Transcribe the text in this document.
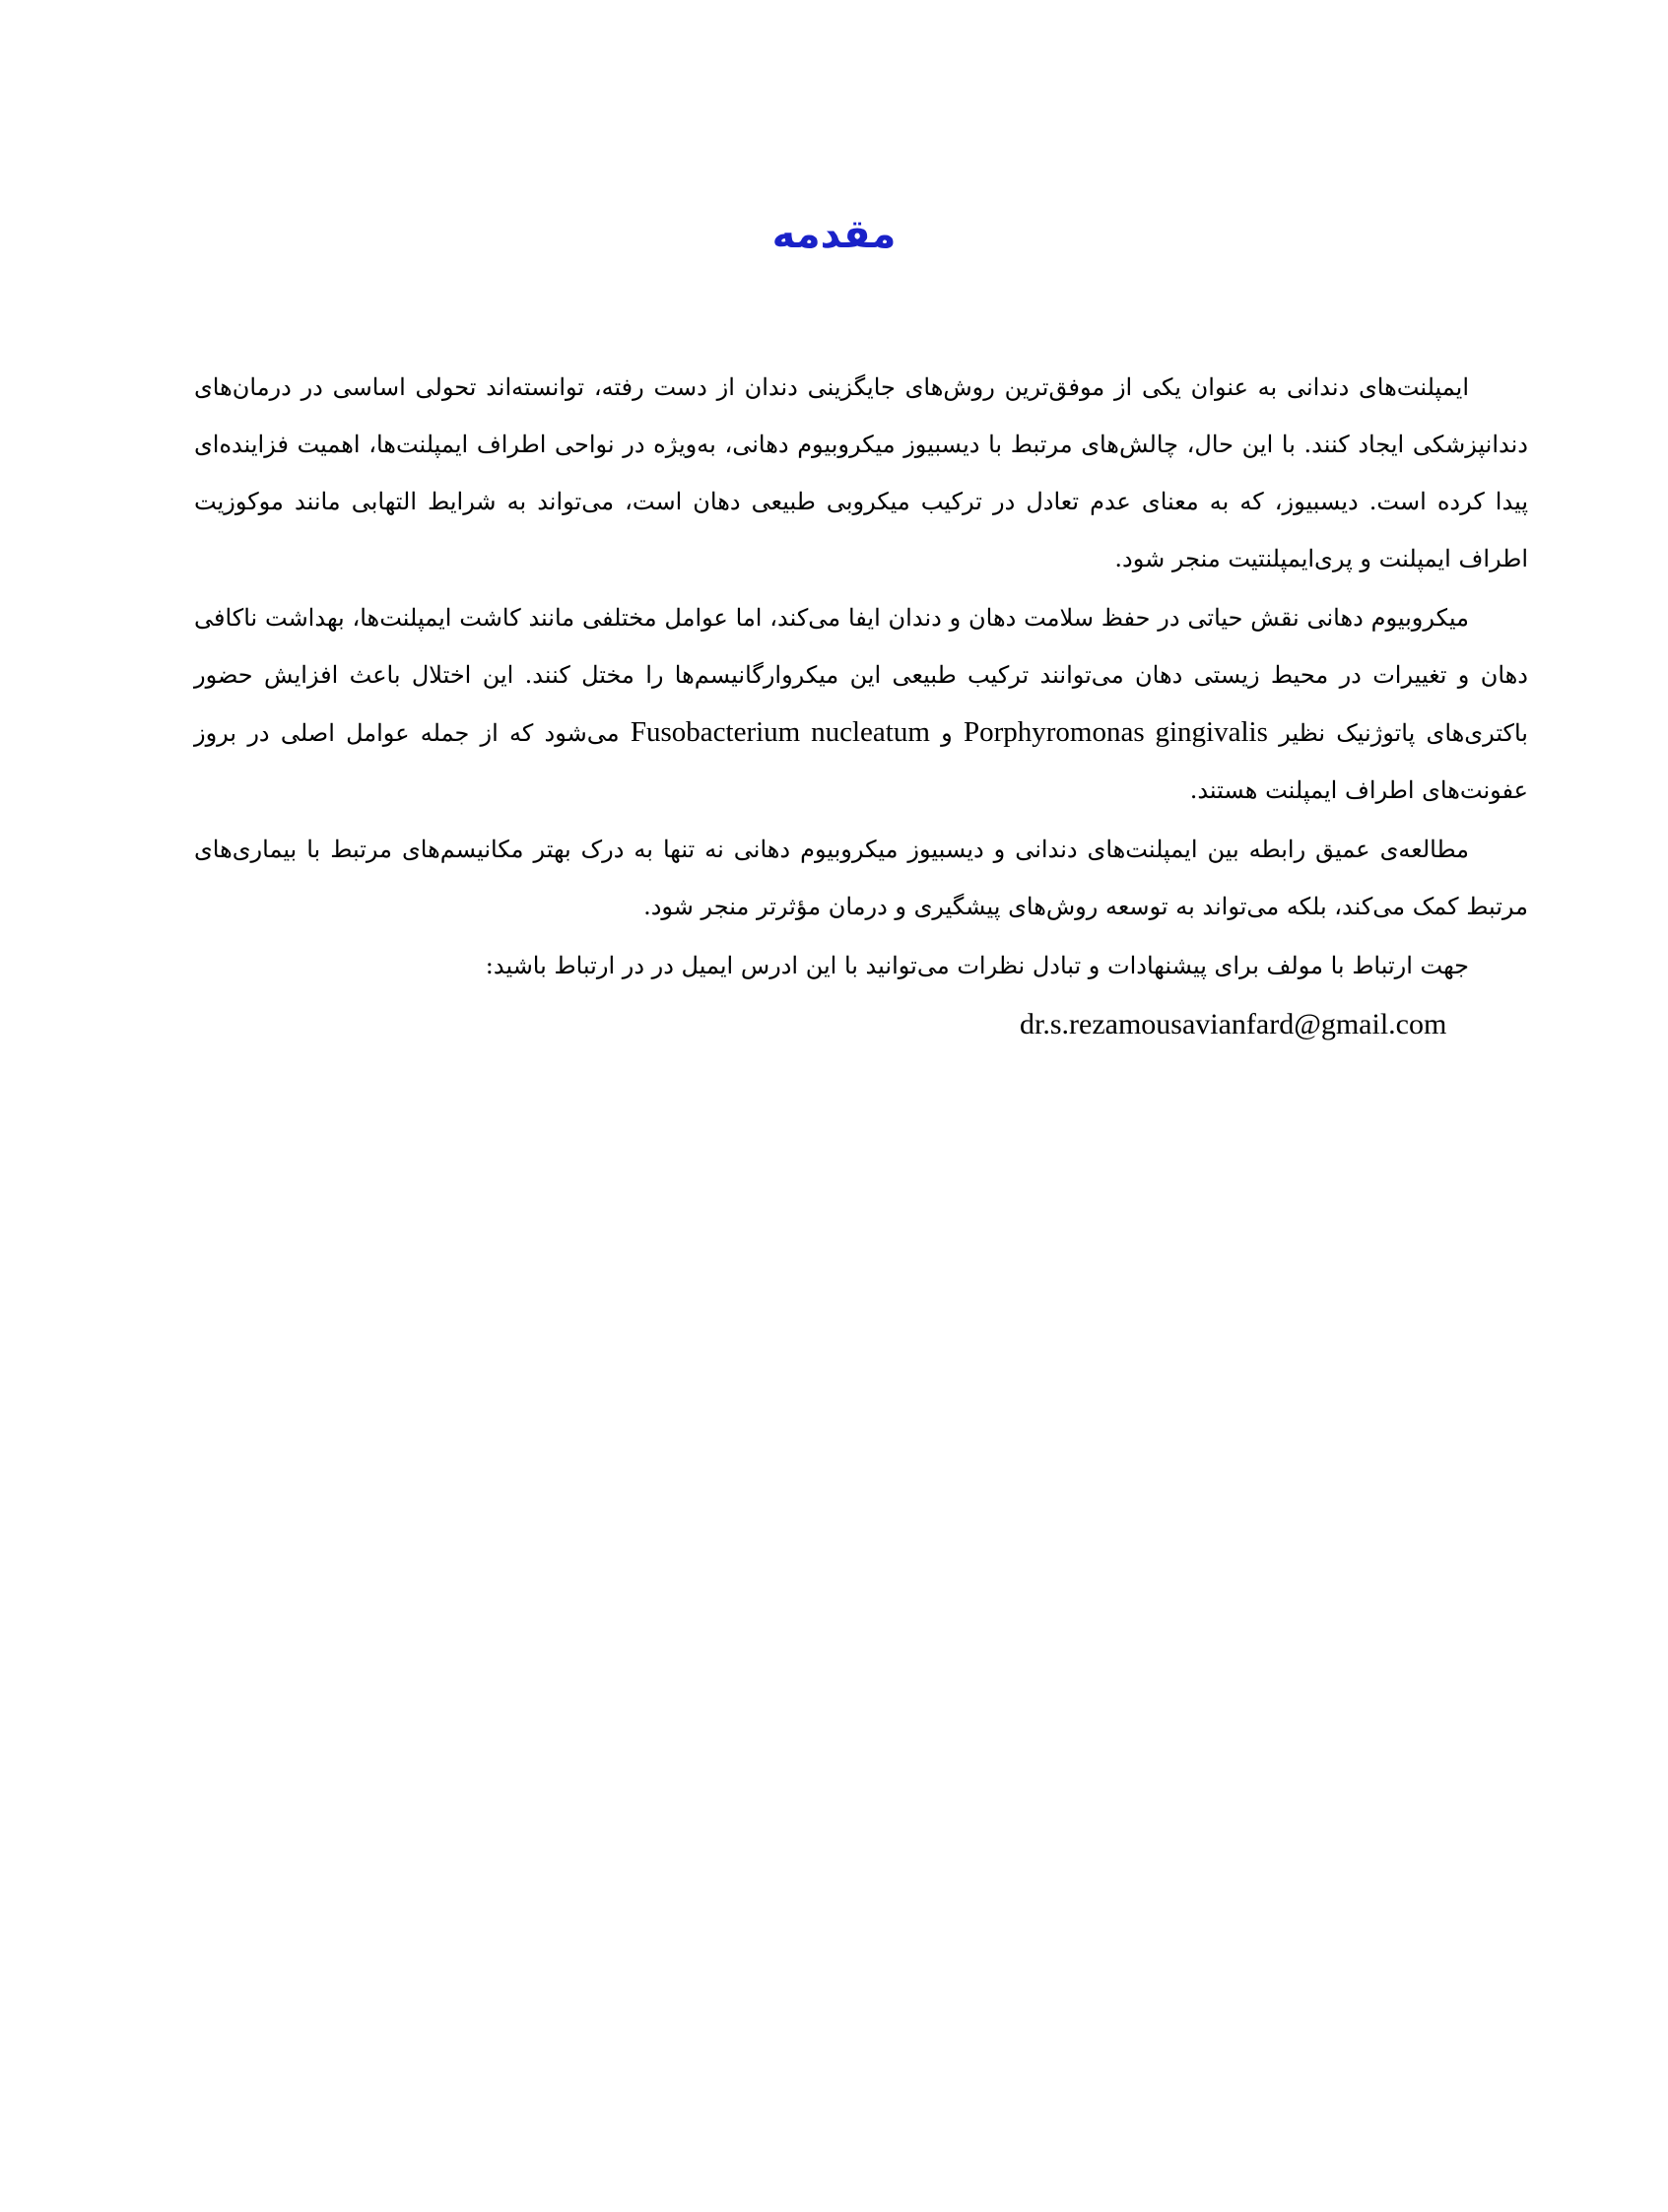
مقدمه

ایمپلنت‌های دندانی به عنوان یکی از موفق‌ترین روش‌های جایگزینی دندان از دست رفته، توانسته‌اند تحولی اساسی در درمان‌های دندانپزشکی ایجاد کنند. با این حال، چالش‌های مرتبط با دیسبیوز میکروبیوم دهانی، به‌ویژه در نواحی اطراف ایمپلنت‌ها، اهمیت فزاینده‌ای پیدا کرده است. دیسبیوز، که به معنای عدم تعادل در ترکیب میکروبی طبیعی دهان است، می‌تواند به شرایط التهابی مانند موکوزیت اطراف ایمپلنت و پری‌ایمپلنتیت منجر شود.

میکروبیوم دهانی نقش حیاتی در حفظ سلامت دهان و دندان ایفا می‌کند، اما عوامل مختلفی مانند کاشت ایمپلنت‌ها، بهداشت ناکافی دهان و تغییرات در محیط زیستی دهان می‌توانند ترکیب طبیعی این میکروارگانیسم‌ها را مختل کنند. این اختلال باعث افزایش حضور باکتری‌های پاتوژنیک نظیر Porphyromonas gingivalis و Fusobacterium nucleatum می‌شود که از جمله عوامل اصلی در بروز عفونت‌های اطراف ایمپلنت هستند.

مطالعه‌ی عمیق رابطه بین ایمپلنت‌های دندانی و دیسبیوز میکروبیوم دهانی نه تنها به درک بهتر مکانیسم‌های مرتبط با بیماری‌های مرتبط کمک می‌کند، بلکه می‌تواند به توسعه روش‌های پیشگیری و درمان مؤثرتر منجر شود.

جهت ارتباط با مولف برای پیشنهادات و تبادل نظرات می‌توانید با این ادرس ایمیل در در ارتباط باشید:

dr.s.rezamousavianfard@gmail.com
